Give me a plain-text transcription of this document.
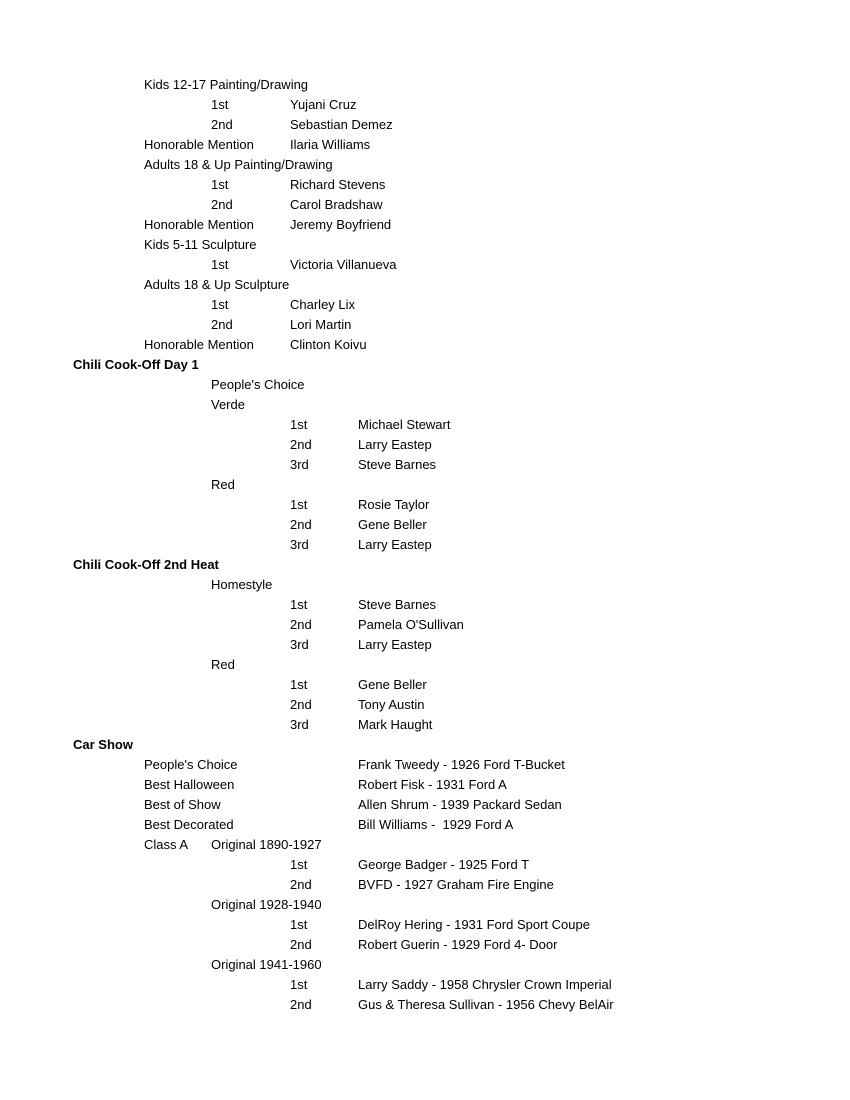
Kids 12-17 Painting/Drawing
1st	Yujani Cruz
2nd	Sebastian Demez
Honorable Mention	Ilaria Williams
Adults 18 & Up Painting/Drawing
1st	Richard Stevens
2nd	Carol Bradshaw
Honorable Mention	Jeremy Boyfriend
Kids 5-11 Sculpture
1st	Victoria Villanueva
Adults 18 & Up Sculpture
1st	Charley Lix
2nd	Lori Martin
Honorable Mention	Clinton Koivu
Chili Cook-Off Day 1
People's Choice
Verde
1st	Michael Stewart
2nd	Larry Eastep
3rd	Steve Barnes
Red
1st	Rosie Taylor
2nd	Gene Beller
3rd	Larry Eastep
Chili Cook-Off 2nd Heat
Homestyle
1st	Steve Barnes
2nd	Pamela O'Sullivan
3rd	Larry Eastep
Red
1st	Gene Beller
2nd	Tony Austin
3rd	Mark Haught
Car Show
People's Choice	Frank Tweedy - 1926 Ford T-Bucket
Best Halloween	Robert Fisk - 1931 Ford A
Best of Show	Allen Shrum - 1939 Packard Sedan
Best Decorated	Bill Williams -  1929 Ford A
Class A Original 1890-1927
1st	George Badger - 1925 Ford T
2nd	BVFD - 1927 Graham Fire Engine
Original 1928-1940
1st	DelRoy Hering - 1931 Ford Sport Coupe
2nd	Robert Guerin - 1929 Ford 4- Door
Original 1941-1960
1st	Larry Saddy - 1958 Chrysler Crown Imperial
2nd	Gus & Theresa Sullivan - 1956 Chevy BelAir
